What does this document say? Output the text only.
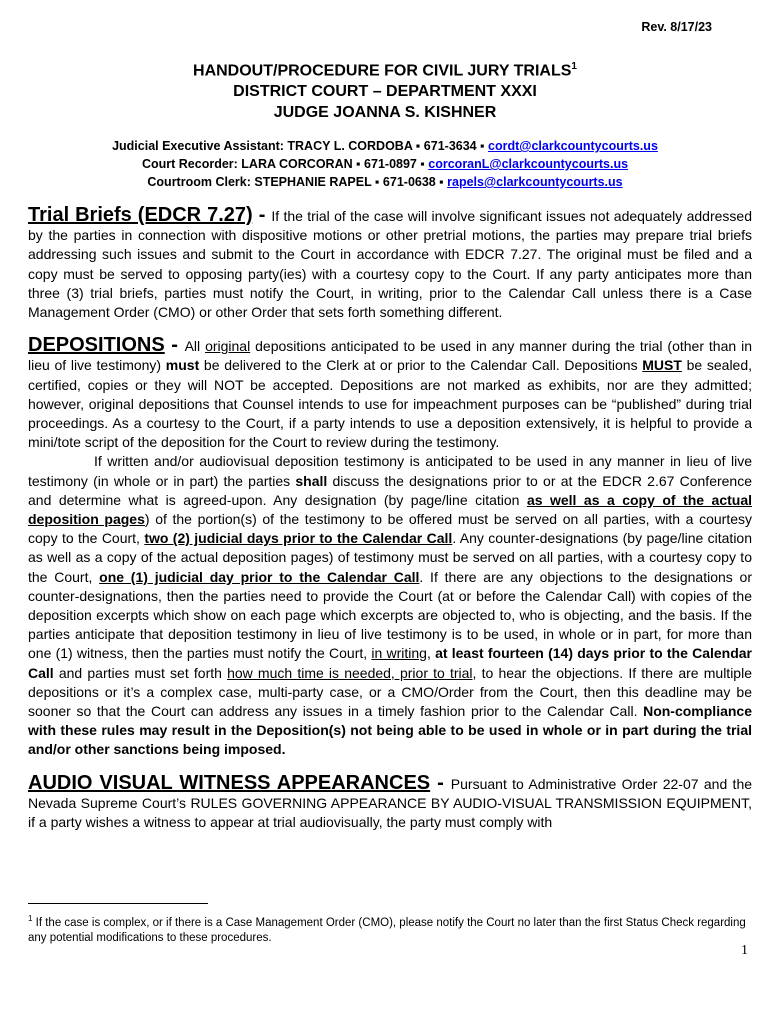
Rev. 8/17/23
HANDOUT/PROCEDURE FOR CIVIL JURY TRIALS$^1$
DISTRICT COURT – DEPARTMENT XXXI
JUDGE JOANNA S. KISHNER
Judicial Executive Assistant: TRACY L. CORDOBA ▪ 671-3634 ▪ cordt@clarkcountycourts.us
Court Recorder: LARA CORCORAN ▪ 671-0897 ▪ corcoranL@clarkcountycourts.us
Courtroom Clerk: STEPHANIE RAPEL ▪ 671-0638 ▪ rapels@clarkcountycourts.us

Trial Briefs (EDCR 7.27) - If the trial of the case will involve significant issues not adequately addressed by the parties in connection with dispositive motions or other pretrial motions, the parties may prepare trial briefs addressing such issues and submit to the Court in accordance with EDCR 7.27. The original must be filed and a copy must be served to opposing party(ies) with a courtesy copy to the Court. If any party anticipates more than three (3) trial briefs, parties must notify the Court, in writing, prior to the Calendar Call unless there is a Case Management Order (CMO) or other Order that sets forth something different.

DEPOSITIONS - All original depositions anticipated to be used in any manner during the trial (other than in lieu of live testimony) must be delivered to the Clerk at or prior to the Calendar Call. Depositions MUST be sealed, certified, copies or they will NOT be accepted. Depositions are not marked as exhibits, nor are they admitted; however, original depositions that Counsel intends to use for impeachment purposes can be “published” during trial proceedings. As a courtesy to the Court, if a party intends to use a deposition extensively, it is helpful to provide a mini/tote script of the deposition for the Court to review during the testimony.

If written and/or audiovisual deposition testimony is anticipated to be used in any manner in lieu of live testimony (in whole or in part) the parties shall discuss the designations prior to or at the EDCR 2.67 Conference and determine what is agreed-upon. Any designation (by page/line citation as well as a copy of the actual deposition pages) of the portion(s) of the testimony to be offered must be served on all parties, with a courtesy copy to the Court, two (2) judicial days prior to the Calendar Call. Any counter-designations (by page/line citation as well as a copy of the actual deposition pages) of testimony must be served on all parties, with a courtesy copy to the Court, one (1) judicial day prior to the Calendar Call. If there are any objections to the designations or counter-designations, then the parties need to provide the Court (at or before the Calendar Call) with copies of the deposition excerpts which show on each page which excerpts are objected to, who is objecting, and the basis. If the parties anticipate that deposition testimony in lieu of live testimony is to be used, in whole or in part, for more than one (1) witness, then the parties must notify the Court, in writing, at least fourteen (14) days prior to the Calendar Call and parties must set forth how much time is needed, prior to trial, to hear the objections. If there are multiple depositions or it’s a complex case, multi-party case, or a CMO/Order from the Court, then this deadline may be sooner so that the Court can address any issues in a timely fashion prior to the Calendar Call. Non-compliance with these rules may result in the Deposition(s) not being able to be used in whole or in part during the trial and/or other sanctions being imposed.

AUDIO VISUAL WITNESS APPEARANCES - Pursuant to Administrative Order 22-07 and the Nevada Supreme Court’s RULES GOVERNING APPEARANCE BY AUDIO-VISUAL TRANSMISSION EQUIPMENT, if a party wishes a witness to appear at trial audiovisually, the party must comply with

$^1$ If the case is complex, or if there is a Case Management Order (CMO), please notify the Court no later than the first Status Check regarding any potential modifications to these procedures.
1
